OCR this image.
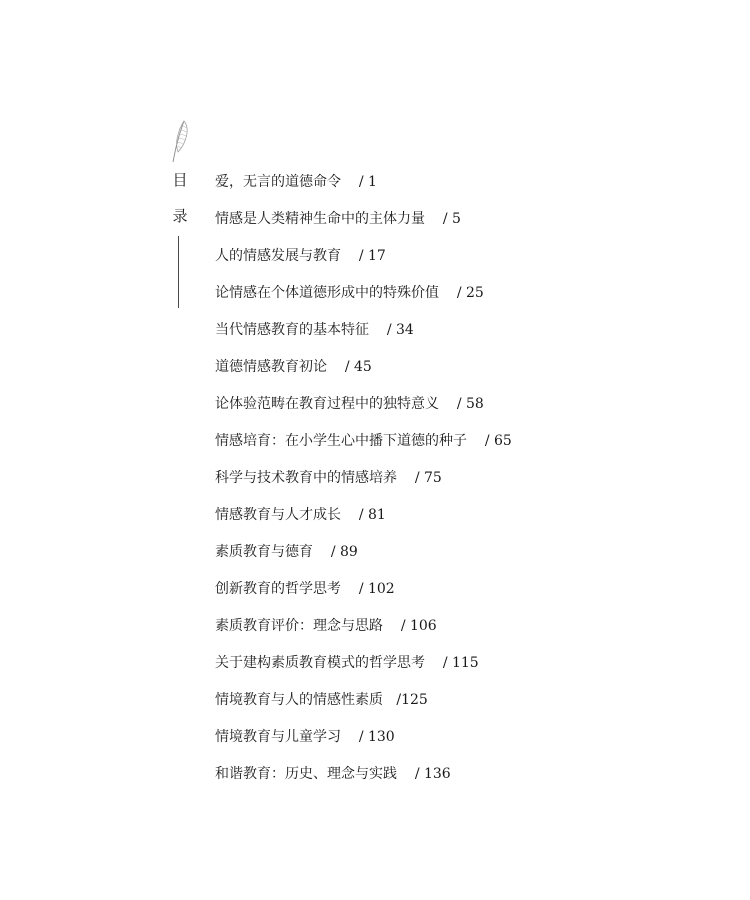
目
录
爱，无言的道德命令 / 1
情感是人类精神生命中的主体力量 / 5
人的情感发展与教育 / 17
论情感在个体道德形成中的特殊价值 / 25
当代情感教育的基本特征 / 34
道德情感教育初论 / 45
论体验范畴在教育过程中的独特意义 / 58
情感培育：在小学生心中播下道德的种子 / 65
科学与技术教育中的情感培养 / 75
情感教育与人才成长 / 81
素质教育与德育 / 89
创新教育的哲学思考 / 102
素质教育评价：理念与思路 / 106
关于建构素质教育模式的哲学思考 / 115
情境教育与人的情感性素质 /125
情境教育与儿童学习 / 130
和谐教育：历史、理念与实践 / 136
